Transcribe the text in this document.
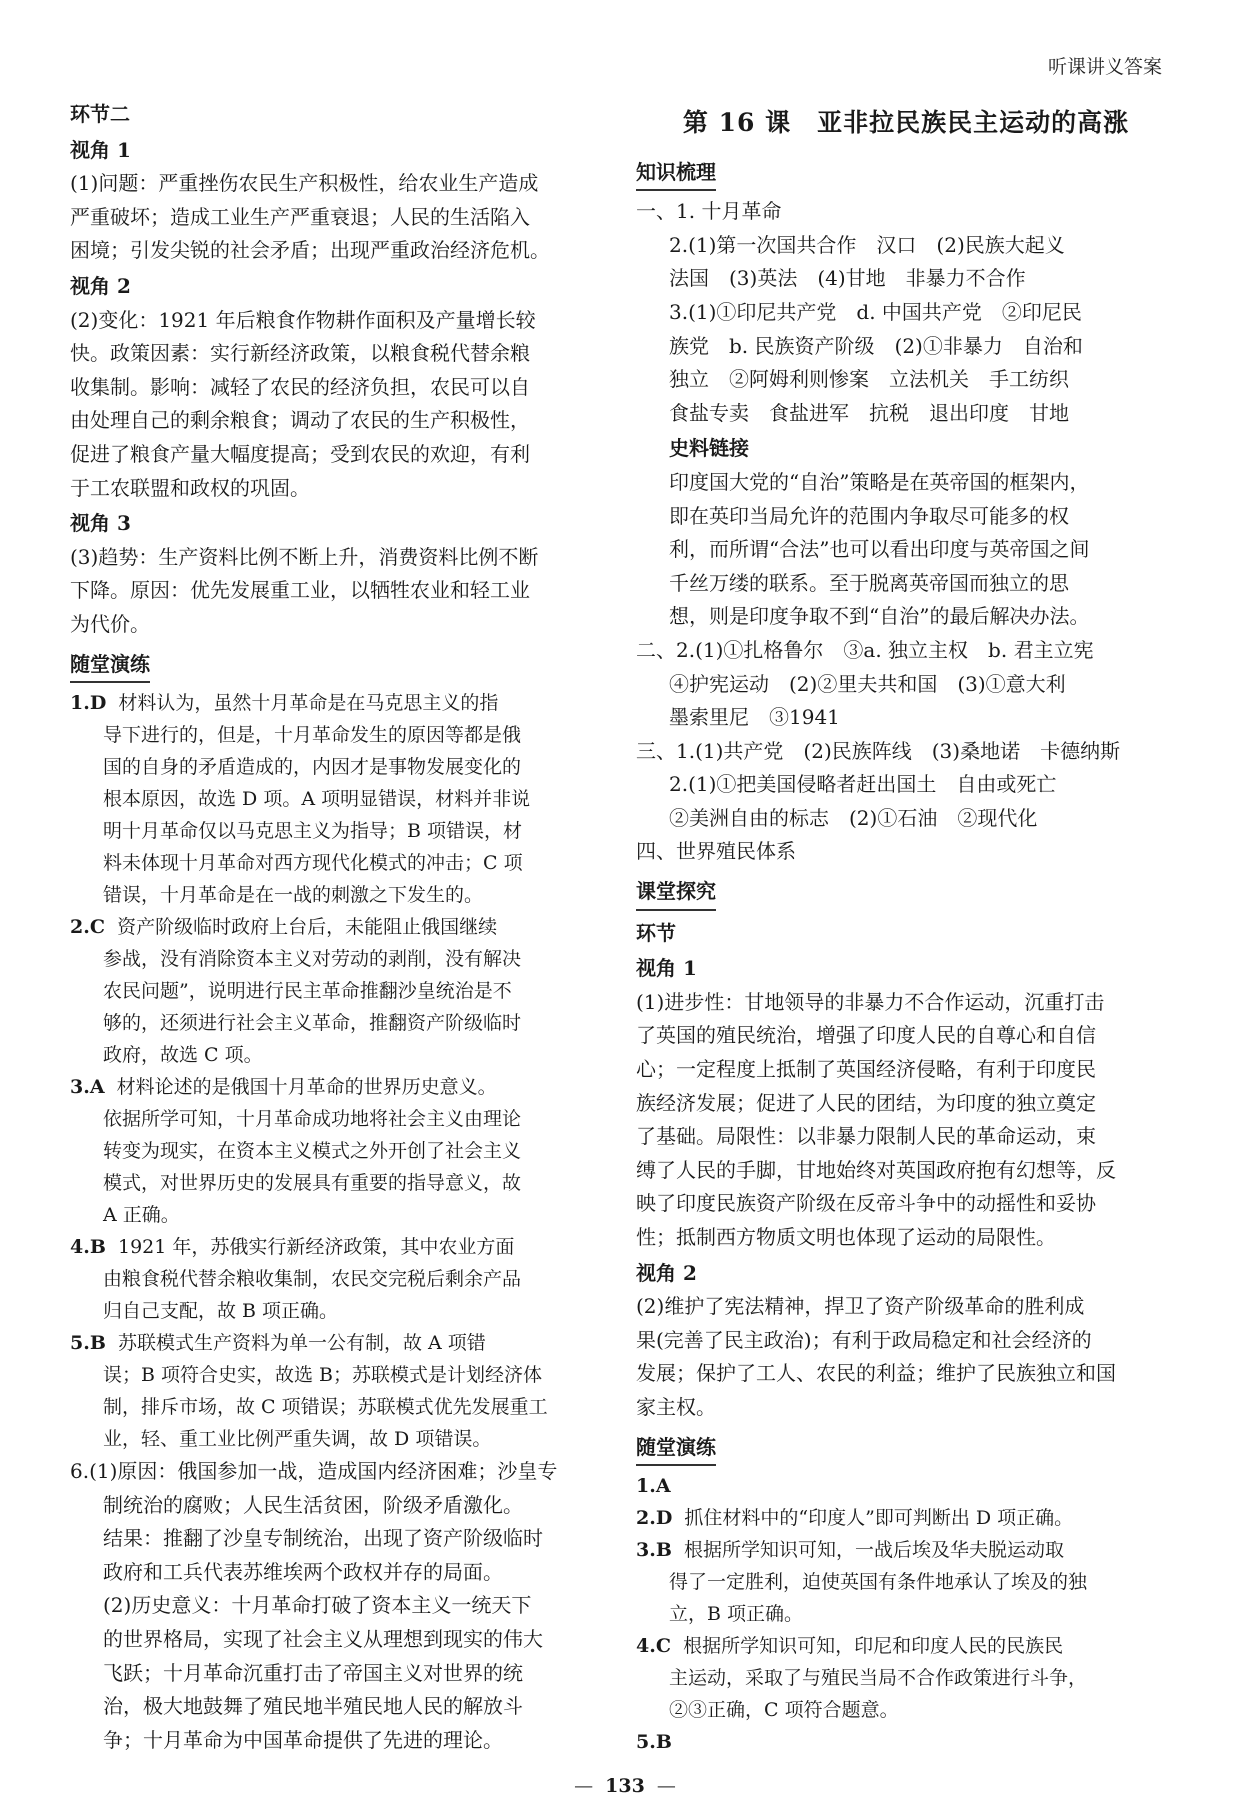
听课讲义答案

环节二

视角 1

(1)问题：严重挫伤农民生产积极性，给农业生产造成

严重破坏；造成工业生产严重衰退；人民的生活陷入

困境；引发尖锐的社会矛盾；出现严重政治经济危机。

视角 2

(2)变化：1921 年后粮食作物耕作面积及产量增长较

快。政策因素：实行新经济政策，以粮食税代替余粮

收集制。影响：减轻了农民的经济负担，农民可以自

由处理自己的剩余粮食；调动了农民的生产积极性，

促进了粮食产量大幅度提高；受到农民的欢迎，有利

于工农联盟和政权的巩固。

视角 3

(3)趋势：生产资料比例不断上升，消费资料比例不断

下降。原因：优先发展重工业，以牺牲农业和轻工业

为代价。

随堂演练

1.D 材料认为，虽然十月革命是在马克思主义的指

导下进行的，但是，十月革命发生的原因等都是俄

国的自身的矛盾造成的，内因才是事物发展变化的

根本原因，故选 D 项。A 项明显错误，材料并非说

明十月革命仅以马克思主义为指导；B 项错误，材

料未体现十月革命对西方现代化模式的冲击；C 项

错误，十月革命是在一战的刺激之下发生的。

2.C 资产阶级临时政府上台后，未能阻止俄国继续

参战，没有消除资本主义对劳动的剥削，没有解决

农民问题”，说明进行民主革命推翻沙皇统治是不

够的，还须进行社会主义革命，推翻资产阶级临时

政府，故选 C 项。

3.A 材料论述的是俄国十月革命的世界历史意义。

依据所学可知，十月革命成功地将社会主义由理论

转变为现实，在资本主义模式之外开创了社会主义

模式，对世界历史的发展具有重要的指导意义，故

A 正确。

4.B 1921 年，苏俄实行新经济政策，其中农业方面

由粮食税代替余粮收集制，农民交完税后剩余产品

归自己支配，故 B 项正确。

5.B 苏联模式生产资料为单一公有制，故 A 项错

误；B 项符合史实，故选 B；苏联模式是计划经济体

制，排斥市场，故 C 项错误；苏联模式优先发展重工

业，轻、重工业比例严重失调，故 D 项错误。

6.(1)原因：俄国参加一战，造成国内经济困难；沙皇专

制统治的腐败；人民生活贫困，阶级矛盾激化。

结果：推翻了沙皇专制统治，出现了资产阶级临时

政府和工兵代表苏维埃两个政权并存的局面。

(2)历史意义：十月革命打破了资本主义一统天下

的世界格局，实现了社会主义从理想到现实的伟大

飞跃；十月革命沉重打击了帝国主义对世界的统

治，极大地鼓舞了殖民地半殖民地人民的解放斗

争；十月革命为中国革命提供了先进的理论。

第 16 课　亚非拉民族民主运动的高涨

知识梳理

一、1. 十月革命

2.(1)第一次国共合作　汉口　(2)民族大起义

法国　(3)英法　(4)甘地　非暴力不合作

3.(1)①印尼共产党　d. 中国共产党　②印尼民

族党　b. 民族资产阶级　(2)①非暴力　自治和

独立　②阿姆利则惨案　立法机关　手工纺织

食盐专卖　食盐进军　抗税　退出印度　甘地

史料链接

印度国大党的“自治”策略是在英帝国的框架内，

即在英印当局允许的范围内争取尽可能多的权

利，而所谓“合法”也可以看出印度与英帝国之间

千丝万缕的联系。至于脱离英帝国而独立的思

想，则是印度争取不到“自治”的最后解决办法。

二、2.(1)①扎格鲁尔　③a. 独立主权　b. 君主立宪

④护宪运动　(2)②里夫共和国　(3)①意大利

墨索里尼　③1941

三、1.(1)共产党　(2)民族阵线　(3)桑地诺　卡德纳斯

2.(1)①把美国侵略者赶出国土　自由或死亡

②美洲自由的标志　(2)①石油　②现代化

四、世界殖民体系

课堂探究

环节

视角 1

(1)进步性：甘地领导的非暴力不合作运动，沉重打击

了英国的殖民统治，增强了印度人民的自尊心和自信

心；一定程度上抵制了英国经济侵略，有利于印度民

族经济发展；促进了人民的团结，为印度的独立奠定

了基础。局限性：以非暴力限制人民的革命运动，束

缚了人民的手脚，甘地始终对英国政府抱有幻想等，反

映了印度民族资产阶级在反帝斗争中的动摇性和妥协

性；抵制西方物质文明也体现了运动的局限性。

视角 2

(2)维护了宪法精神，捍卫了资产阶级革命的胜利成

果(完善了民主政治)；有利于政局稳定和社会经济的

发展；保护了工人、农民的利益；维护了民族独立和国

家主权。

随堂演练

1.A

2.D 抓住材料中的“印度人”即可判断出 D 项正确。

3.B 根据所学知识可知，一战后埃及华夫脱运动取

得了一定胜利，迫使英国有条件地承认了埃及的独

立，B 项正确。

4.C 根据所学知识可知，印尼和印度人民的民族民

主运动，采取了与殖民当局不合作政策进行斗争，

②③正确，C 项符合题意。

5.B

— 133 —
